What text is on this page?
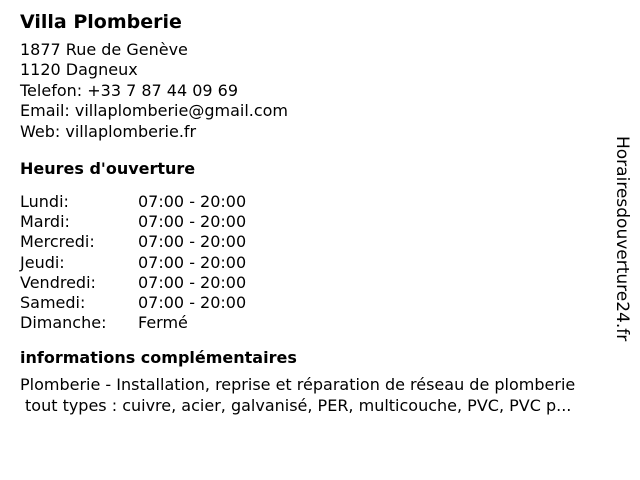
Villa Plomberie
1877 Rue de Genève
1120 Dagneux
Telefon: +33 7 87 44 09 69
Email: villaplomberie@gmail.com
Web: villaplomberie.fr
Heures d'ouverture
Lundi:	07:00 - 20:00
Mardi:	07:00 - 20:00
Mercredi:	07:00 - 20:00
Jeudi:	07:00 - 20:00
Vendredi:	07:00 - 20:00
Samedi:	07:00 - 20:00
Dimanche:	Fermé
informations complémentaires
Plomberie - Installation, reprise et réparation de réseau de plomberie
tout types : cuivre, acier, galvanisé, PER, multicouche, PVC, PVC p...
Horairesdouverture24.fr
